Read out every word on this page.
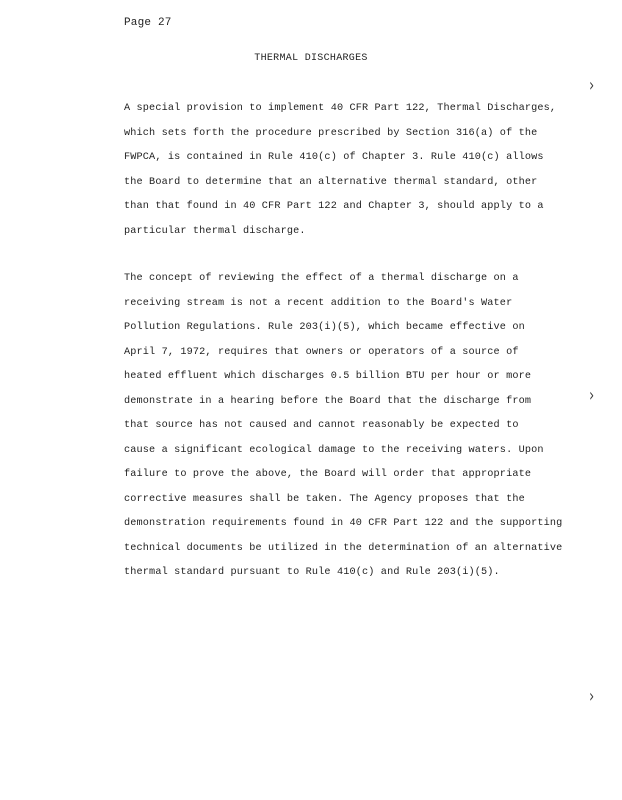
Page 27
THERMAL DISCHARGES
A special provision to implement 40 CFR Part 122, Thermal Discharges,
which sets forth the procedure prescribed by Section 316(a) of the
FWPCA, is contained in Rule 410(c) of Chapter 3. Rule 410(c) allows
the Board to determine that an alternative thermal standard, other
than that found in 40 CFR Part 122 and Chapter 3, should apply to a
particular thermal discharge.
The concept of reviewing the effect of a thermal discharge on a
receiving stream is not a recent addition to the Board's Water
Pollution Regulations. Rule 203(i)(5), which became effective on
April 7, 1972, requires that owners or operators of a source of
heated effluent which discharges 0.5 billion BTU per hour or more
demonstrate in a hearing before the Board that the discharge from
that source has not caused and cannot reasonably be expected to
cause a significant ecological damage to the receiving waters. Upon
failure to prove the above, the Board will order that appropriate
corrective measures shall be taken. The Agency proposes that the
demonstration requirements found in 40 CFR Part 122 and the supporting
technical documents be utilized in the determination of an alternative
thermal standard pursuant to Rule 410(c) and Rule 203(i)(5).
›
›
›
